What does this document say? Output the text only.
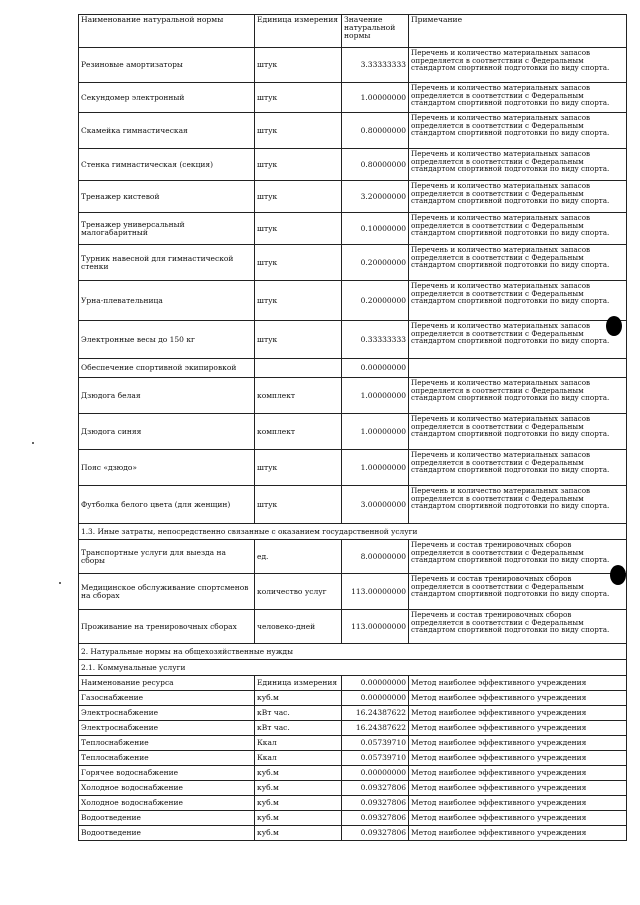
Наименование натуральной нормы	Единица измерения	Значение натуральной нормы	Примечание
Резиновые амортизаторы	штук	3.33333333	Перечень и количество материальных запасов определяется в соответствии с Федеральным стандартом спортивной подготовки по виду спорта.
Секундомер электронный	штук	1.00000000	Перечень и количество материальных запасов определяется в соответствии с Федеральным стандартом спортивной подготовки по виду спорта.
Скамейка гимнастическая	штук	0.80000000	Перечень и количество материальных запасов определяется в соответствии с Федеральным стандартом спортивной подготовки по виду спорта.
Стенка гимнастическая (секция)	штук	0.80000000	Перечень и количество материальных запасов определяется в соответствии с Федеральным стандартом спортивной подготовки по виду спорта.
Тренажер кистевой	штук	3.20000000	Перечень и количество материальных запасов определяется в соответствии с Федеральным стандартом спортивной подготовки по виду спорта.
Тренажер универсальный малогабаритный	штук	0.10000000	Перечень и количество материальных запасов определяется в соответствии с Федеральным стандартом спортивной подготовки по виду спорта.
Турник навесной для гимнастической стенки	штук	0.20000000	Перечень и количество материальных запасов определяется в соответствии с Федеральным стандартом спортивной подготовки по виду спорта.
Урна-плевательница	штук	0.20000000	Перечень и количество материальных запасов определяется в соответствии с Федеральным стандартом спортивной подготовки по виду спорта.
Электронные весы до 150 кг	штук	0.33333333	Перечень и количество материальных запасов определяется в соответствии с Федеральным стандартом спортивной подготовки по виду спорта.
Обеспечение спортивной экипировкой		0.00000000	
Дзюдога белая	комплект	1.00000000	Перечень и количество материальных запасов определяется в соответствии с Федеральным стандартом спортивной подготовки по виду спорта.
Дзюдога синяя	комплект	1.00000000	Перечень и количество материальных запасов определяется в соответствии с Федеральным стандартом спортивной подготовки по виду спорта.
Пояс «дзюдо»	штук	1.00000000	Перечень и количество материальных запасов определяется в соответствии с Федеральным стандартом спортивной подготовки по виду спорта.
Футболка белого цвета (для женщин)	штук	3.00000000	Перечень и количество материальных запасов определяется в соответствии с Федеральным стандартом спортивной подготовки по виду спорта.
1.3. Иные затраты, непосредственно связанные с оказанием государственной услуги			
Транспортные услуги для выезда на сборы	ед.	8.00000000	Перечень и состав тренировочных сборов определяется в соответствии с Федеральным стандартом спортивной подготовки по виду спорта.
Медицинское обслуживание спортсменов на сборах	количество услуг	113.00000000	Перечень и состав тренировочных сборов определяется в соответствии с Федеральным стандартом спортивной подготовки по виду спорта.
Проживание на тренировочных сборах	человеко-дней	113.00000000	Перечень и состав тренировочных сборов определяется в соответствии с Федеральным стандартом спортивной подготовки по виду спорта.
2. Натуральные нормы на общехозяйственные нужды			
2.1. Коммунальные услуги			
Наименование ресурса	Единица измерения	0.00000000	Метод наиболее эффективного учреждения
Газоснабжение	куб.м	0.00000000	Метод наиболее эффективного учреждения
Электроснабжение	кВт час.	16.24387622	Метод наиболее эффективного учреждения
Электроснабжение	кВт час.	16.24387622	Метод наиболее эффективного учреждения
Теплоснабжение	Ккал	0.05739710	Метод наиболее эффективного учреждения
Теплоснабжение	Ккал	0.05739710	Метод наиболее эффективного учреждения
Горячее водоснабжение	куб.м	0.00000000	Метод наиболее эффективного учреждения
Холодное водоснабжение	куб.м	0.09327806	Метод наиболее эффективного учреждения
Холодное водоснабжение	куб.м	0.09327806	Метод наиболее эффективного учреждения
Водоотведение	куб.м	0.09327806	Метод наиболее эффективного учреждения
Водоотведение	куб.м	0.09327806	Метод наиболее эффективного учреждения
